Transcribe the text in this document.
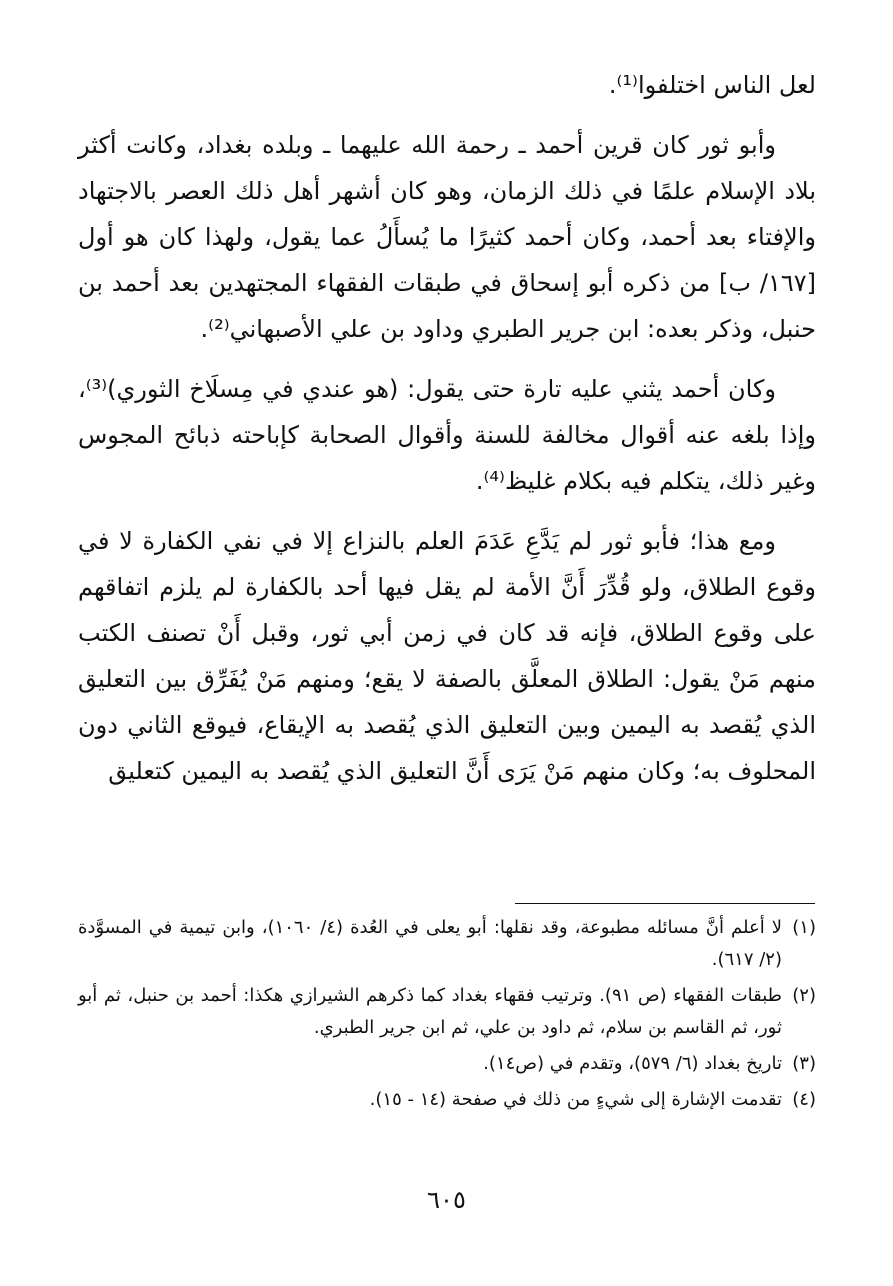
لعل الناس اختلفوا⁽¹⁾.

وأبو ثور كان قرين أحمد ـ رحمة الله عليهما ـ وبلده بغداد، وكانت أكثر بلاد الإسلام علمًا في ذلك الزمان، وهو كان أشهر أهل ذلك العصر بالاجتهاد والإفتاء بعد أحمد، وكان أحمد كثيرًا ما يُسأَلُ عما يقول، ولهذا كان هو أول [١٦٧/ ب] من ذكره أبو إسحاق في طبقات الفقهاء المجتهدين بعد أحمد بن حنبل، وذكر بعده: ابن جرير الطبري وداود بن علي الأصبهاني⁽²⁾.

وكان أحمد يثني عليه تارة حتى يقول: (هو عندي في مِسلَاخ الثوري)⁽³⁾، وإذا بلغه عنه أقوال مخالفة للسنة وأقوال الصحابة كإباحته ذبائح المجوس وغير ذلك، يتكلم فيه بكلام غليظ⁽⁴⁾.

ومع هذا؛ فأبو ثور لم يَدَّعِ عَدَمَ العلم بالنزاع إلا في نفي الكفارة لا في وقوع الطلاق، ولو قُدِّرَ أَنَّ الأمة لم يقل فيها أحد بالكفارة لم يلزم اتفاقهم على وقوع الطلاق، فإنه قد كان في زمن أبي ثور، وقبل أَنْ تصنف الكتب منهم مَنْ يقول: الطلاق المعلَّق بالصفة لا يقع؛ ومنهم مَنْ يُفَرِّق بين التعليق الذي يُقصد به اليمين وبين التعليق الذي يُقصد به الإيقاع، فيوقع الثاني دون المحلوف به؛ وكان منهم مَنْ يَرَى أَنَّ التعليق الذي يُقصد به اليمين كتعليق

(١)
لا أعلم أنَّ مسائله مطبوعة، وقد نقلها: أبو يعلى في العُدة (٤/ ١٠٦٠)، وابن تيمية في المسوَّدة (٢/ ٦١٧).
(٢)
طبقات الفقهاء (ص ٩١). وترتيب فقهاء بغداد كما ذكرهم الشيرازي هكذا: أحمد بن حنبل، ثم أبو ثور، ثم القاسم بن سلام، ثم داود بن علي، ثم ابن جرير الطبري.
(٣)
تاريخ بغداد (٦/ ٥٧٩)، وتقدم في (ص١٤).
(٤)
تقدمت الإشارة إلى شيءٍ من ذلك في صفحة (١٤ - ١٥).
٦٠٥
